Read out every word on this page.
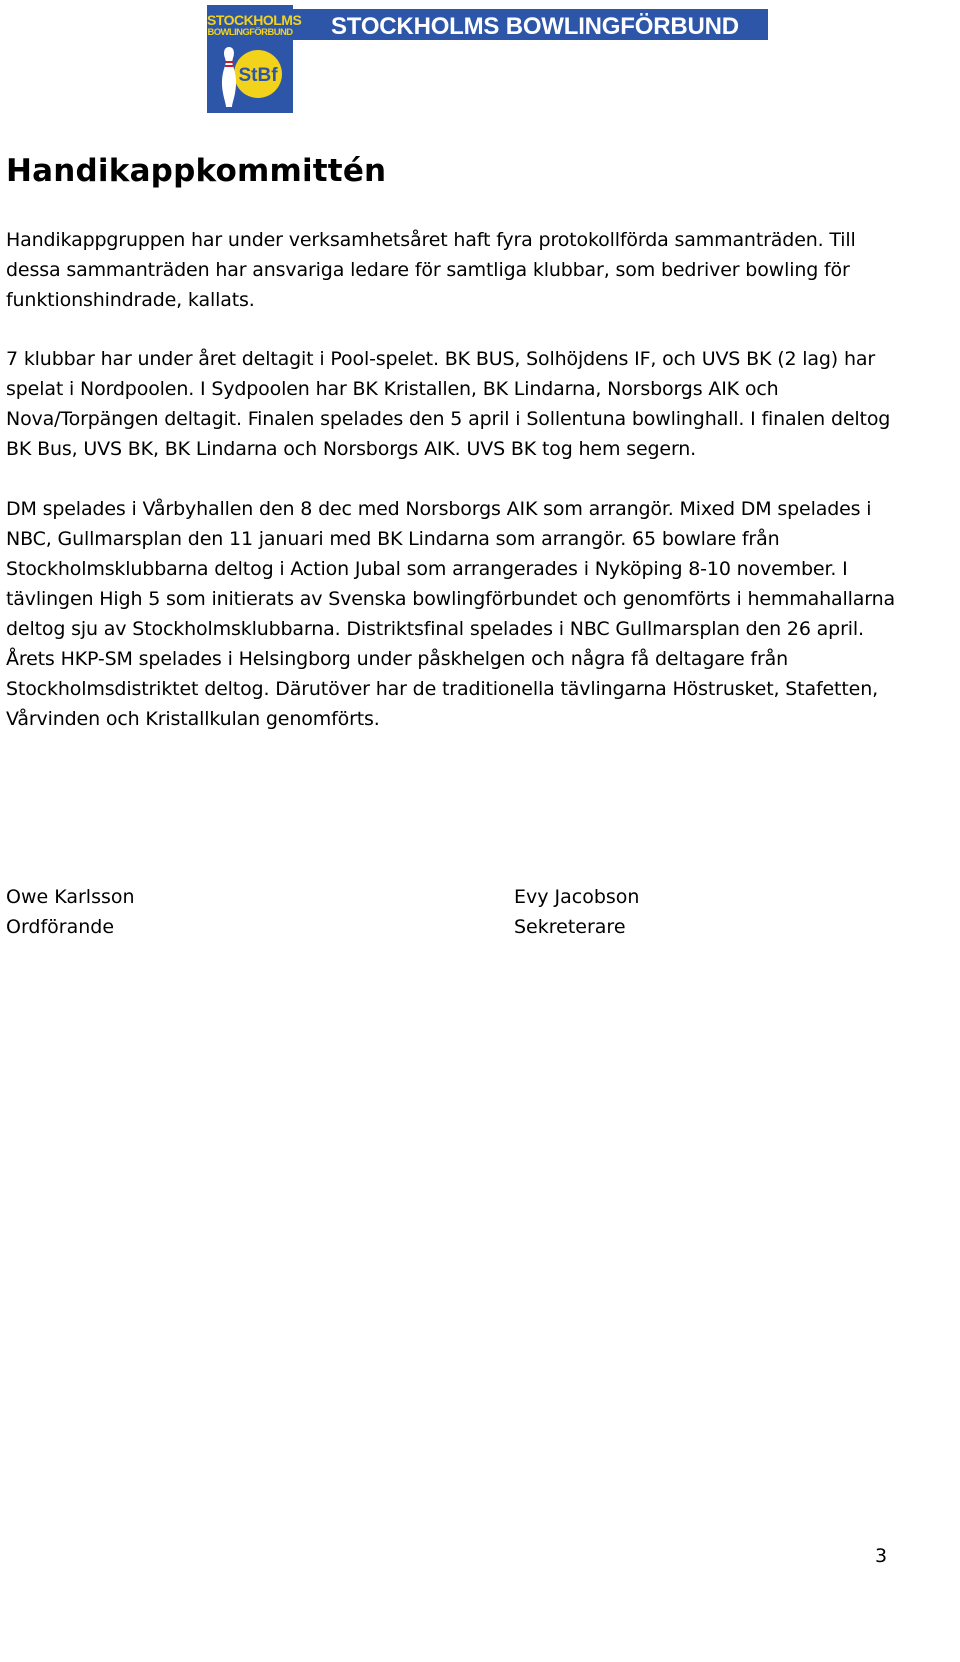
STOCKHOLMS BOWLINGFÖRBUND
STOCKHOLMS
BOWLINGFÖRBUND
StBf
Handikappkommittén

Handikappgruppen har under verksamhetsåret haft fyra protokollförda sammanträden. Till
dessa sammanträden har ansvariga ledare för samtliga klubbar, som bedriver bowling för
funktionshindrade, kallats.

7 klubbar har under året deltagit i Pool-spelet. BK BUS, Solhöjdens IF, och UVS BK (2 lag) har
spelat i Nordpoolen. I Sydpoolen har BK Kristallen, BK Lindarna, Norsborgs AIK och
Nova/Torpängen deltagit. Finalen spelades den 5 april i Sollentuna bowlinghall. I finalen deltog
BK Bus, UVS BK, BK Lindarna och Norsborgs AIK. UVS BK tog hem segern.

DM spelades i Vårbyhallen den 8 dec med Norsborgs AIK som arrangör. Mixed DM spelades i
NBC, Gullmarsplan den 11 januari med BK Lindarna som arrangör. 65 bowlare från
Stockholmsklubbarna deltog i Action Jubal som arrangerades i Nyköping 8-10 november. I
tävlingen High 5 som initierats av Svenska bowlingförbundet och genomförts i hemmahallarna
deltog sju av Stockholmsklubbarna. Distriktsfinal spelades i NBC Gullmarsplan den 26 april.
Årets HKP-SM spelades i Helsingborg under påskhelgen och några få deltagare från
Stockholmsdistriktet deltog. Därutöver har de traditionella tävlingarna Höstrusket, Stafetten,
Vårvinden och Kristallkulan genomförts.

Owe Karlsson
Ordförande
Evy Jacobson
Sekreterare
3
